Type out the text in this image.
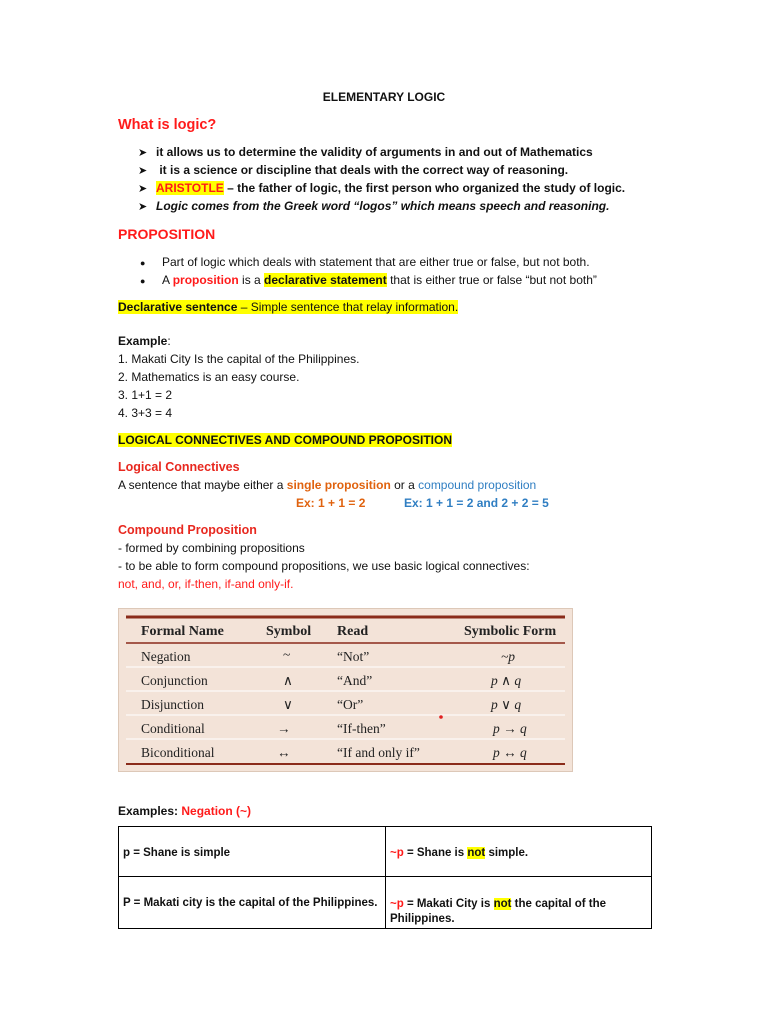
ELEMENTARY LOGIC
What is logic?
➤ it allows us to determine the validity of arguments in and out of Mathematics
➤ it is a science or discipline that deals with the correct way of reasoning.
➤ ARISTOTLE – the father of logic, the first person who organized the study of logic.
➤ Logic comes from the Greek word “logos” which means speech and reasoning.
PROPOSITION
● Part of logic which deals with statement that are either true or false, but not both.
● A proposition is a declarative statement that is either true or false “but not both”
Declarative sentence – Simple sentence that relay information.
Example:
1. Makati City Is the capital of the Philippines.
2. Mathematics is an easy course.
3. 1+1 = 2
4. 3+3 = 4
LOGICAL CONNECTIVES AND COMPOUND PROPOSITION
Logical Connectives
A sentence that maybe either a single proposition or a compound proposition
Ex: 1 + 1 = 2	Ex: 1 + 1 = 2 and 2 + 2 = 5
Compound Proposition
- formed by combining propositions
- to be able to form compound propositions, we use basic logical connectives:
not, and, or, if-then, if-and only-if.
Formal Name	Symbol Read	Symbolic Form
Negation	~	“Not”	~p
Conjunction	∧	“And”	p ∧ q
Disjunction	∨	“Or”	p ∨ q
Conditional	→	“If-then”	p → q
Biconditional	↔	“If and only if”	p ↔ q
Examples: Negation (~)
p = Shane is simple	~p = Shane is not simple.
P = Makati city is the capital of the Philippines.	~p = Makati City is not the capital of the Philippines.
